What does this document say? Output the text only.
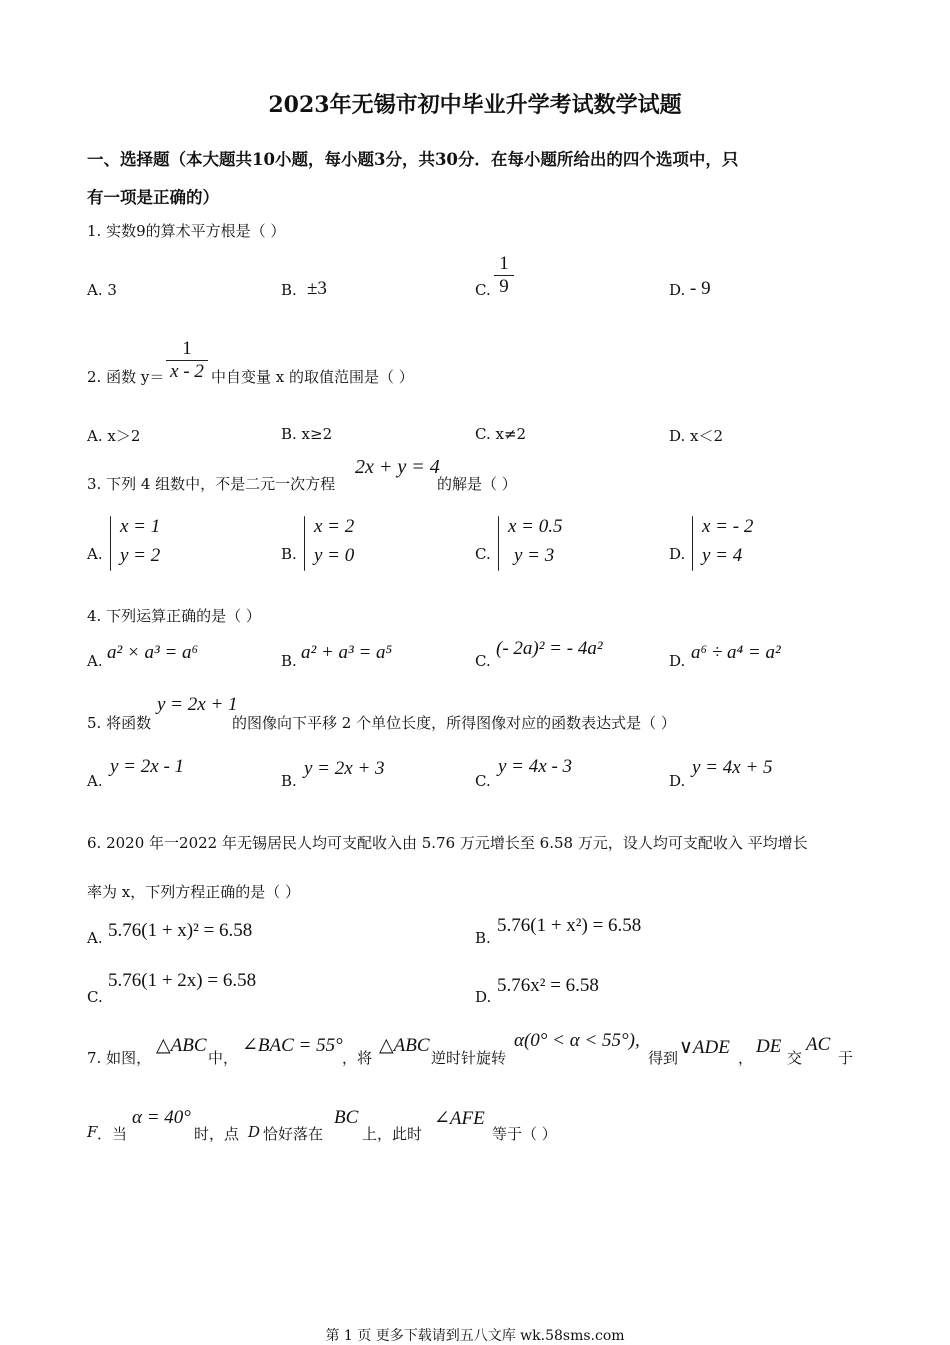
2023年无锡市初中毕业升学考试数学试题
一、选择题（本大题共10小题，每小题3分，共30分．在每小题所给出的四个选项中，只
有一项是正确的）
1. 实数9的算术平方根是（ ）
A. 3	B. ±3	C. $\frac{1}{9}$	D. - 9
2. 函数 $y= \frac{1}{x - 2}$ 中自变量 x 的取值范围是（ ）
A. x＞2	B. x≥2	C. x≠2	D. x＜2
3. 下列 4 组数中，不是二元一次方程
2x + y = 4
的解是（ ）
A.
x = 1
y = 2	B.
x = 2
y = 0	C.
x = 0.5
y = 3	D.
x = - 2
y = 4
4. 下列运算正确的是（ ）
A. a² × a³ = a⁶	B. a² + a³ = a⁵	C.
(- 2a)² = - 4a²
D. a⁶ ÷ a⁴ = a²
5. 将函数
y = 2x + 1
的图像向下平移 2 个单位长度，所得图像对应的函数表达式是（ ）
A.
y = 2x - 1
B.
y = 2x + 3
C.
y = 4x - 3
D.
y = 4x + 5
6. 2020 年一2022 年无锡居民人均可支配收入由 5.76 万元增长至 6.58 万元，设人均可支配收入 平均增长
率为 x，下列方程正确的是（ ）
A. 5.76(1 + x)² = 6.58	B.
5.76(1 + x²) = 6.58
C.
5.76(1 + 2x) = 6.58
D.
5.76x² = 6.58
7. 如图，
△ABC
中，
∠BAC = 55°
，将
△ABC
逆时针旋转
α(0° < α < 55°),
得到 ∨ADE ，
DE
交
AC
于
F ．当
α = 40°
时，点 D 恰好落在
BC
上，此时
∠AFE
等于（ ）
第 1 页 更多下载请到五八文库 wk.58sms.com
